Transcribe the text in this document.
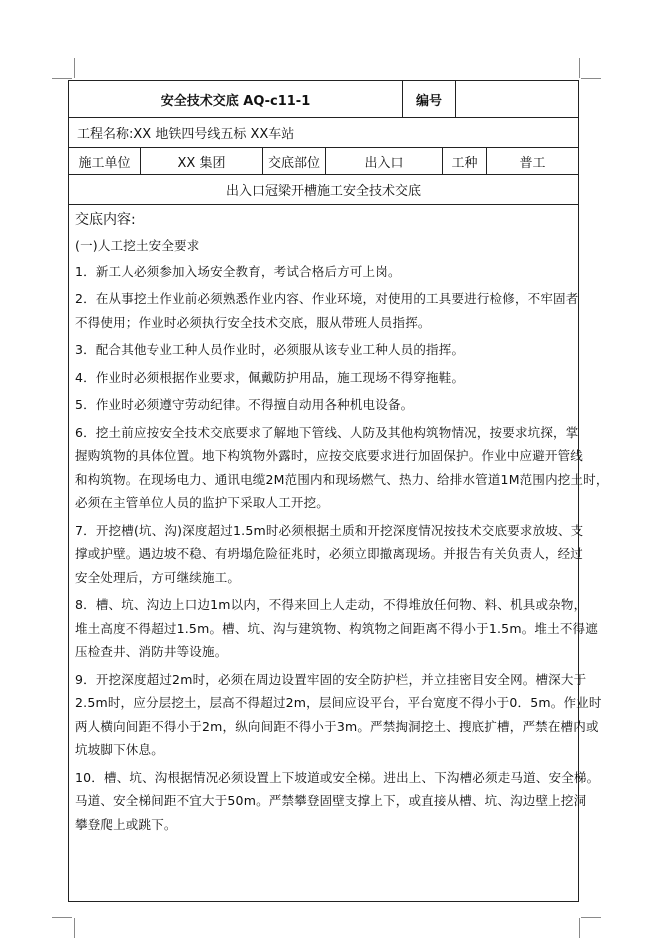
安全技术交底 AQ-c11-1	编号
工程名称: XX 地铁四号线五标 XX车站
施工单位	XX 集团	交底部位	出入口	工种	普工
出入口冠梁开槽施工安全技术交底
交底内容:

(一)人工挖土安全要求

1．新工人必须参加入场安全教育，考试合格后方可上岗。

2．在从事挖土作业前必须熟悉作业内容、作业环境，对使用的工具要进行检修，不牢固者

不得使用；作业时必须执行安全技术交底，服从带班人员指挥。

3．配合其他专业工种人员作业时，必须服从该专业工种人员的指挥。

4．作业时必须根据作业要求，佩戴防护用品，施工现场不得穿拖鞋。

5．作业时必须遵守劳动纪律。不得擅自动用各种机电设备。

6．挖土前应按安全技术交底要求了解地下管线、人防及其他构筑物情况，按要求坑探，掌

握购筑物的具体位置。地下构筑物外露时，应按交底要求进行加固保护。作业中应避开管线

和构筑物。在现场电力、通讯电缆2M范围内和现场燃气、热力、给排水管道1M范围内挖土时，

必须在主管单位人员的监护下采取人工开挖。

7．开挖槽(坑、沟)深度超过1.5m时必须根据土质和开挖深度情况按技术交底要求放坡、支

撑或护壁。遇边坡不稳、有坍塌危险征兆时，必须立即撤离现场。并报告有关负责人，经过

安全处理后，方可继续施工。

8．槽、坑、沟边上口边1m以内，不得来回上人走动，不得堆放任何物、料、机具或杂物，

堆土高度不得超过1.5m。槽、坑、沟与建筑物、构筑物之间距离不得小于1.5m。堆土不得遮

压检查井、消防井等设施。

9．开挖深度超过2m时，必须在周边设置牢固的安全防护栏，并立挂密目安全网。槽深大于

2.5m时，应分层挖土，层高不得超过2m，层间应设平台，平台宽度不得小于0．5m。作业时

两人横向间距不得小于2m，纵向间距不得小于3m。严禁掏洞挖土、搜底扩槽，严禁在槽内或

坑坡脚下休息。

10．槽、坑、沟根据情况必须设置上下坡道或安全梯。进出上、下沟槽必须走马道、安全梯。

马道、安全梯间距不宜大于50m。严禁攀登固壁支撑上下，或直接从槽、坑、沟边壁上挖洞

攀登爬上或跳下。
